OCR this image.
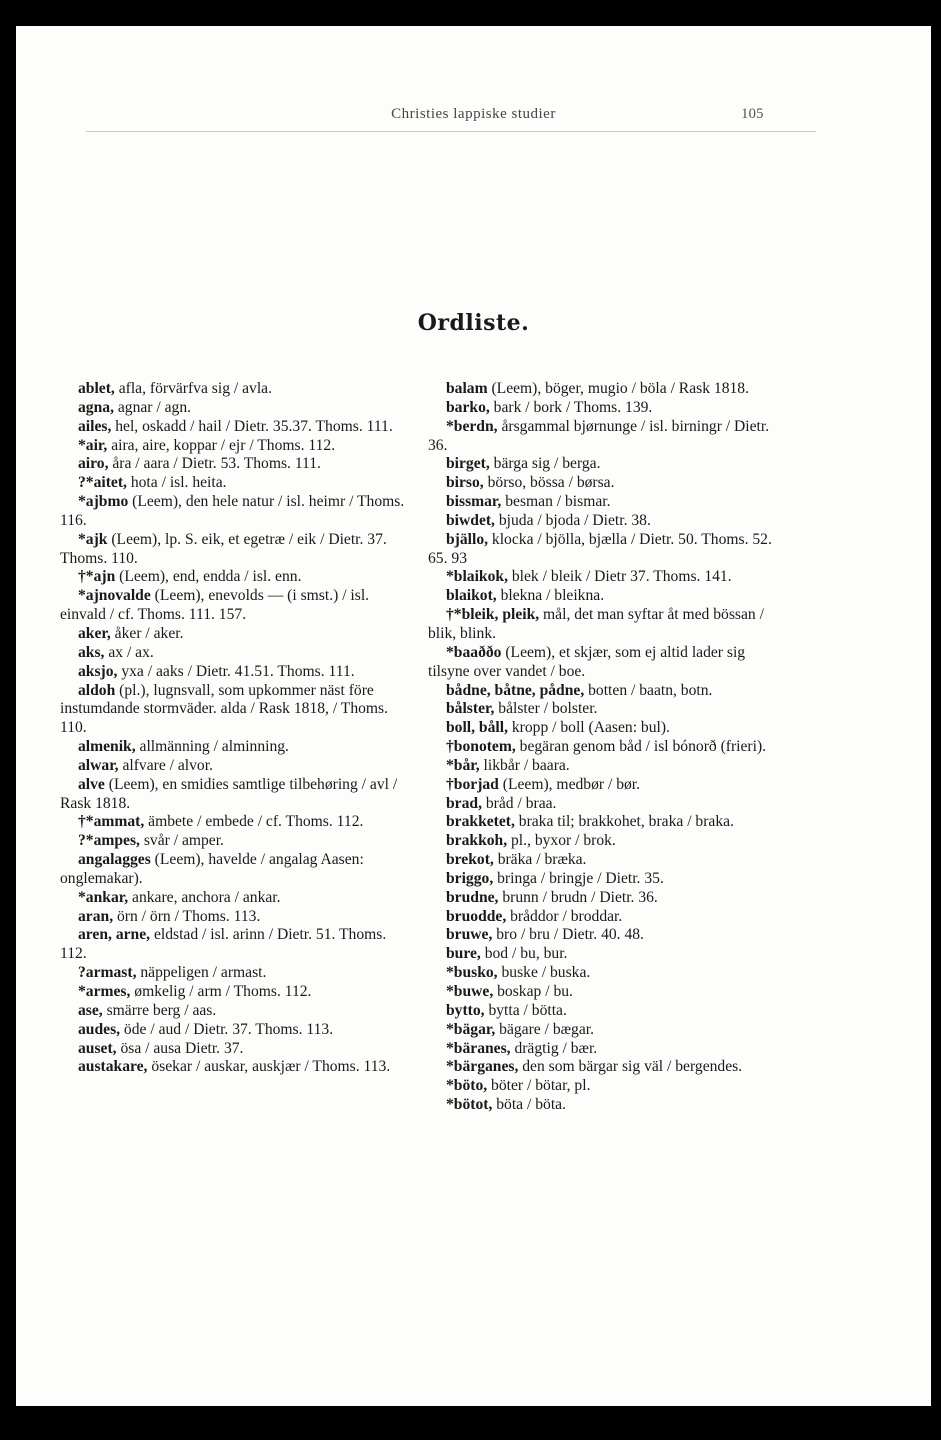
Christies lappiske studier	105
Ordliste.
ablet, afla, förvärfva sig / avla.
agna, agnar / agn.
ailes, hel, oskadd / hail / Dietr. 35.37. Thoms. 111.
*air, aira, aire, koppar / ejr / Thoms. 112.
airo, åra / aara / Dietr. 53. Thoms. 111.
?*aitet, hota / isl. heita.
*ajbmo (Leem), den hele natur / isl. heimr / Thoms. 116.
*ajk (Leem), lp. S. eik, et egetræ / eik / Dietr. 37. Thoms. 110.
†*ajn (Leem), end, endda / isl. enn.
*ajnovalde (Leem), enevolds — (i smst.) / isl. einvald / cf. Thoms. 111. 157.
aker, åker / aker.
aks, ax / ax.
aksjo, yxa / aaks / Dietr. 41.51. Thoms. 111.
aldoh (pl.), lugnsvall, som upkommer näst före instumdande stormväder. alda / Rask 1818, / Thoms. 110.
almenik, allmänning / alminning.
alwar, alfvare / alvor.
alve (Leem), en smidies samtlige tilbehøring / avl / Rask 1818.
†*ammat, ämbete / embede / cf. Thoms. 112.
?*ampes, svår / amper.
angalagges (Leem), havelde / angalag Aasen: onglemakar).
*ankar, ankare, anchora / ankar.
aran, örn / örn / Thoms. 113.
aren, arne, eldstad / isl. arinn / Dietr. 51. Thoms. 112.
?armast, näppeligen / armast.
*armes, ømkelig / arm / Thoms. 112.
ase, smärre berg / aas.
audes, öde / aud / Dietr. 37. Thoms. 113.
auset, ösa / ausa Dietr. 37.
austakare, ösekar / auskar, auskjær / Thoms. 113.
balam (Leem), böger, mugio / böla / Rask 1818.
barko, bark / bork / Thoms. 139.
*berdn, årsgammal bjørnunge / isl. birningr / Dietr. 36.
birget, bärga sig / berga.
birso, börso, bössa / børsa.
bissmar, besman / bismar.
biwdet, bjuda / bjoda / Dietr. 38.
bjällo, klocka / bjölla, bjælla / Dietr. 50. Thoms. 52. 65. 93
*blaikok, blek / bleik / Dietr 37. Thoms. 141.
blaikot, blekna / bleikna.
†*bleik, pleik, mål, det man syftar åt med bössan / blik, blink.
*baaððo (Leem), et skjær, som ej altid lader sig tilsyne over vandet / boe.
bådne, båtne, pådne, botten / baatn, botn.
bålster, bålster / bolster.
boll, båll, kropp / boll (Aasen: bul).
†bonotem, begäran genom båd / isl bónorð (frieri).
*bår, likbår / baara.
†borjad (Leem), medbør / bør.
brad, bråd / braa.
brakketet, braka til; brakkohet, braka / braka.
brakkoh, pl., byxor / brok.
brekot, bräka / bræka.
briggo, bringa / bringje / Dietr. 35.
brudne, brunn / brudn / Dietr. 36.
bruodde, bråddor / broddar.
bruwe, bro / bru / Dietr. 40. 48.
bure, bod / bu, bur.
*busko, buske / buska.
*buwe, boskap / bu.
bytto, bytta / bötta.
*bägar, bägare / bægar.
*bäranes, drägtig / bær.
*bärganes, den som bärgar sig väl / bergendes.
*böto, böter / bötar, pl.
*bötot, böta / böta.
